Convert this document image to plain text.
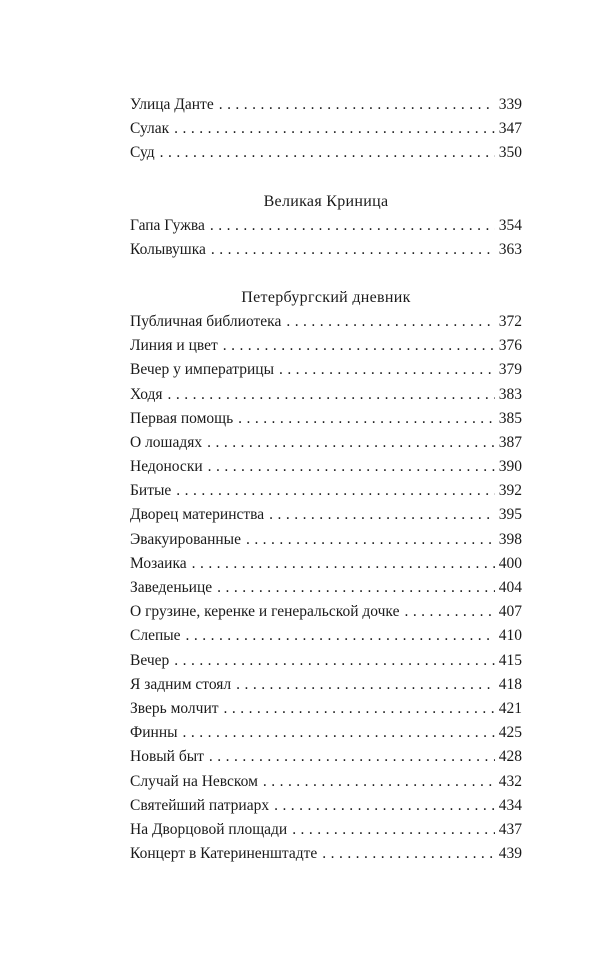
Улица Данте . . .	339
Сулак . . .	347
Суд . . .	350
Великая Криница
Гапа Гужва . . .	354
Колывушка . . .	363
Петербургский дневник
Публичная библиотека . . .	372
Линия и цвет . . .	376
Вечер у императрицы . . .	379
Ходя . . .	383
Первая помощь . . .	385
О лошадях . . .	387
Недоноски . . .	390
Битые . . .	392
Дворец материнства . . .	395
Эвакуированные . . .	398
Мозаика . . .	400
Заведеньице . . .	404
О грузине, керенке и генеральской дочке . . .	407
Слепые . . .	410
Вечер . . .	415
Я задним стоял . . .	418
Зверь молчит . . .	421
Финны . . .	425
Новый быт . . .	428
Случай на Невском . . .	432
Святейший патриарх . . .	434
На Дворцовой площади . . .	437
Концерт в Катериненштадте . . .	439
